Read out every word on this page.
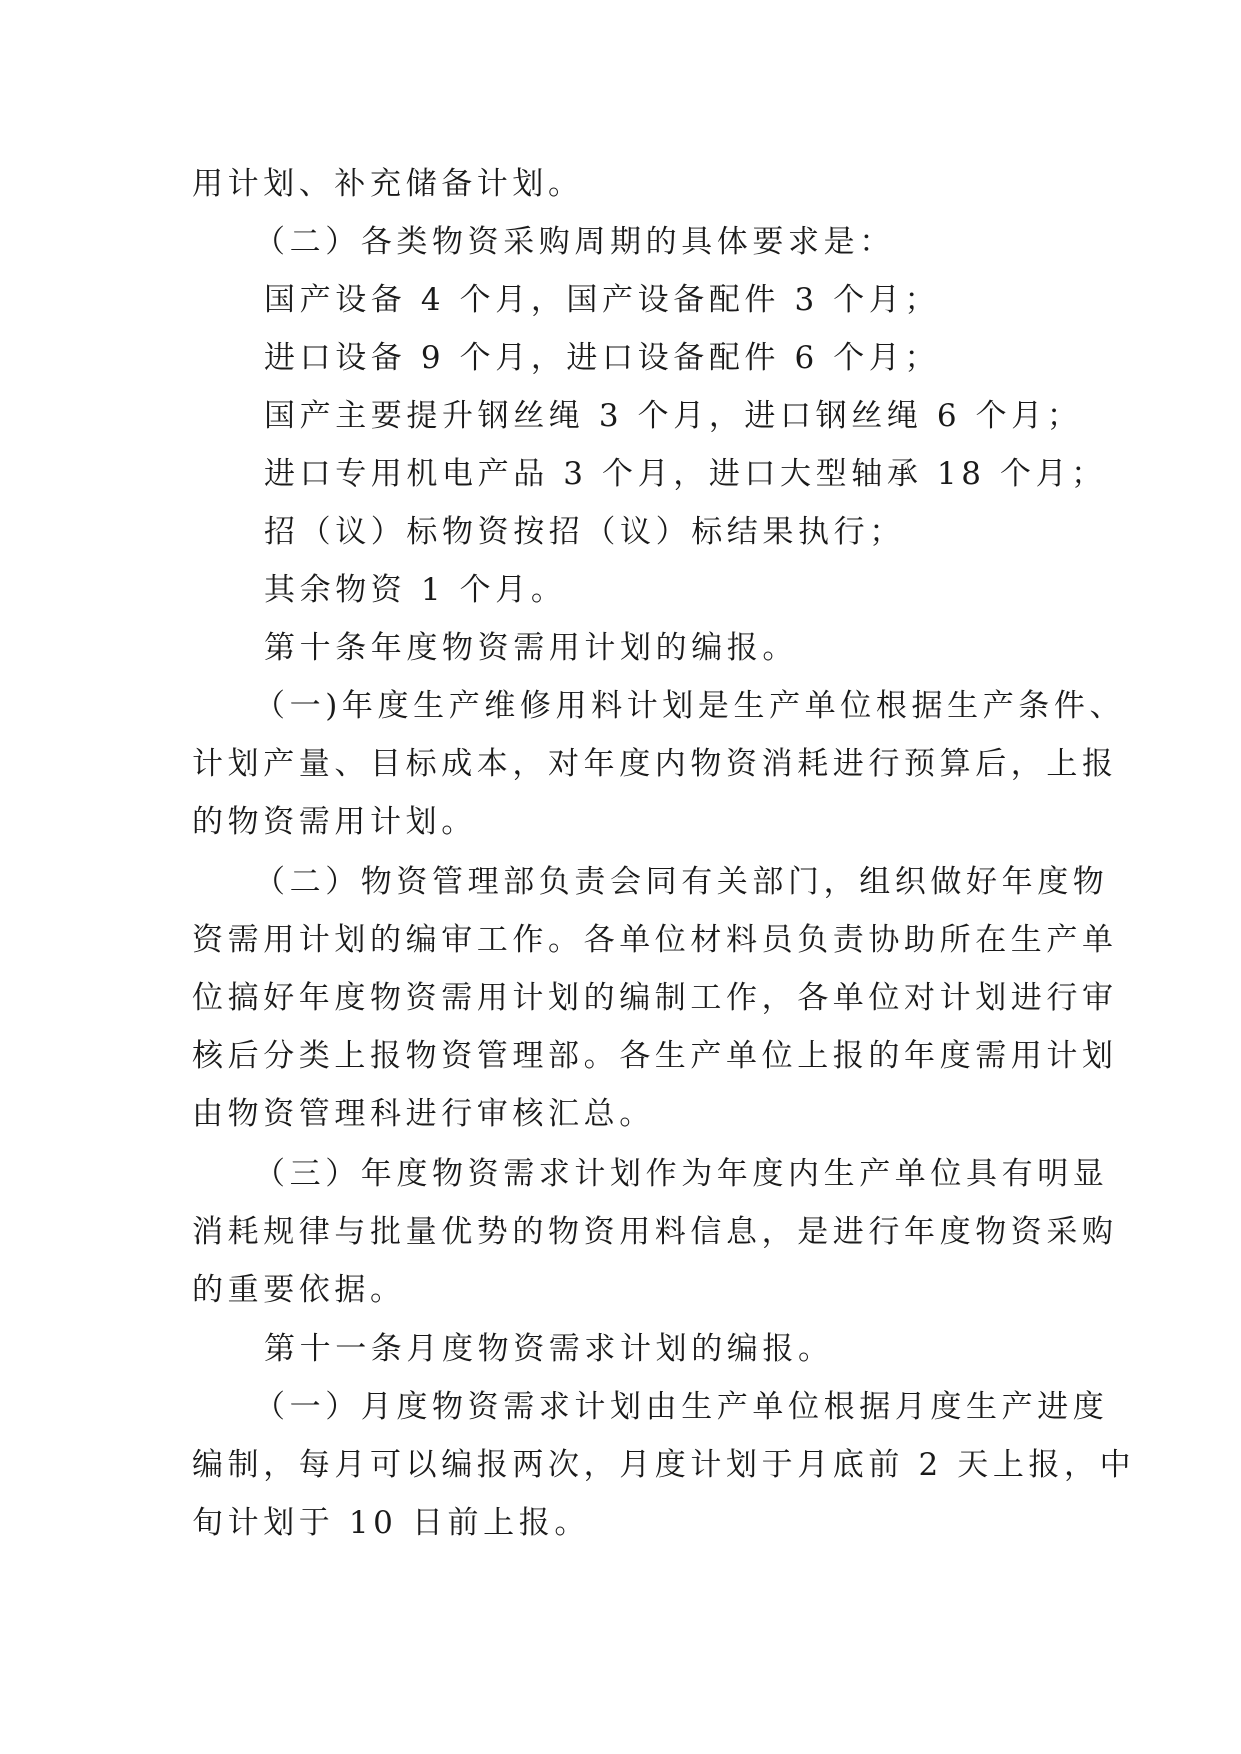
用计划、补充储备计划。
（二）各类物资采购周期的具体要求是：
国产设备 4 个月，国产设备配件 3 个月；
进口设备 9 个月，进口设备配件 6 个月；
国产主要提升钢丝绳 3 个月，进口钢丝绳 6 个月；
进口专用机电产品 3 个月，进口大型轴承 18 个月；
招（议）标物资按招（议）标结果执行；
其余物资 1 个月。
第十条年度物资需用计划的编报。
（一)年度生产维修用料计划是生产单位根据生产条件、
计划产量、目标成本，对年度内物资消耗进行预算后，上报
的物资需用计划。
（二）物资管理部负责会同有关部门，组织做好年度物
资需用计划的编审工作。各单位材料员负责协助所在生产单
位搞好年度物资需用计划的编制工作，各单位对计划进行审
核后分类上报物资管理部。各生产单位上报的年度需用计划
由物资管理科进行审核汇总。
（三）年度物资需求计划作为年度内生产单位具有明显
消耗规律与批量优势的物资用料信息，是进行年度物资采购
的重要依据。
第十一条月度物资需求计划的编报。
（一）月度物资需求计划由生产单位根据月度生产进度
编制，每月可以编报两次，月度计划于月底前 2 天上报，中
旬计划于 10 日前上报。
